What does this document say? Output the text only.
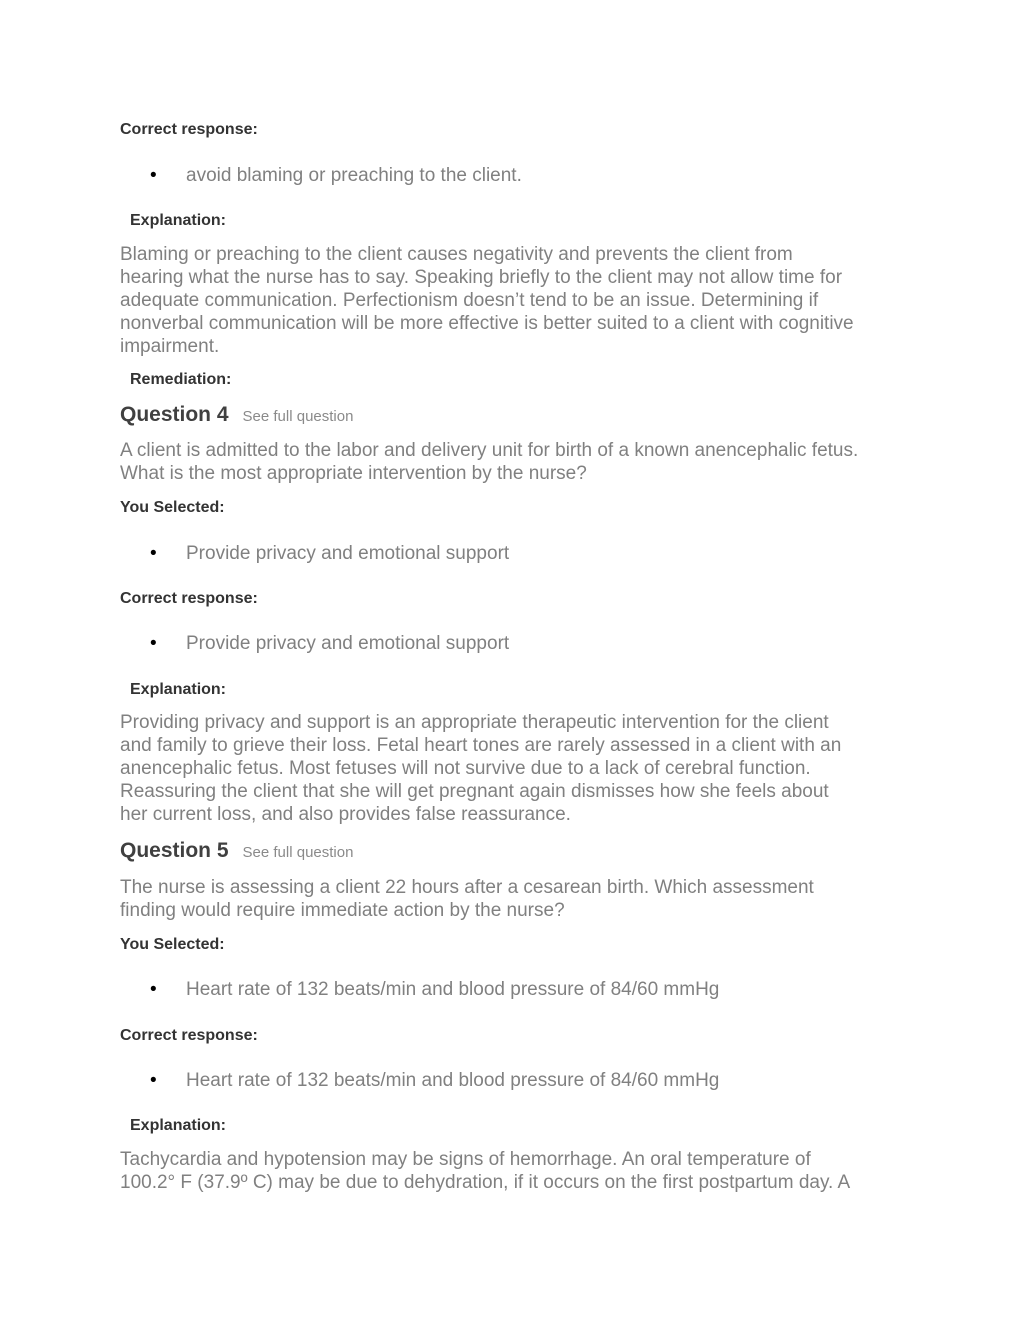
Correct response:

• avoid blaming or preaching to the client.

Explanation:

Blaming or preaching to the client causes negativity and prevents the client from
hearing what the nurse has to say. Speaking briefly to the client may not allow time for
adequate communication. Perfectionism doesn’t tend to be an issue. Determining if
nonverbal communication will be more effective is better suited to a client with cognitive
impairment.

Remediation:

Question 4 See full question
A client is admitted to the labor and delivery unit for birth of a known anencephalic fetus.
What is the most appropriate intervention by the nurse?

You Selected:

• Provide privacy and emotional support

Correct response:

• Provide privacy and emotional support

Explanation:

Providing privacy and support is an appropriate therapeutic intervention for the client
and family to grieve their loss. Fetal heart tones are rarely assessed in a client with an
anencephalic fetus. Most fetuses will not survive due to a lack of cerebral function.
Reassuring the client that she will get pregnant again dismisses how she feels about
her current loss, and also provides false reassurance.
Question 5 See full question
The nurse is assessing a client 22 hours after a cesarean birth. Which assessment
finding would require immediate action by the nurse?

You Selected:

• Heart rate of 132 beats/min and blood pressure of 84/60 mmHg

Correct response:

• Heart rate of 132 beats/min and blood pressure of 84/60 mmHg

Explanation:

Tachycardia and hypotension may be signs of hemorrhage. An oral temperature of
100.2° F (37.9º C) may be due to dehydration, if it occurs on the first postpartum day. A
